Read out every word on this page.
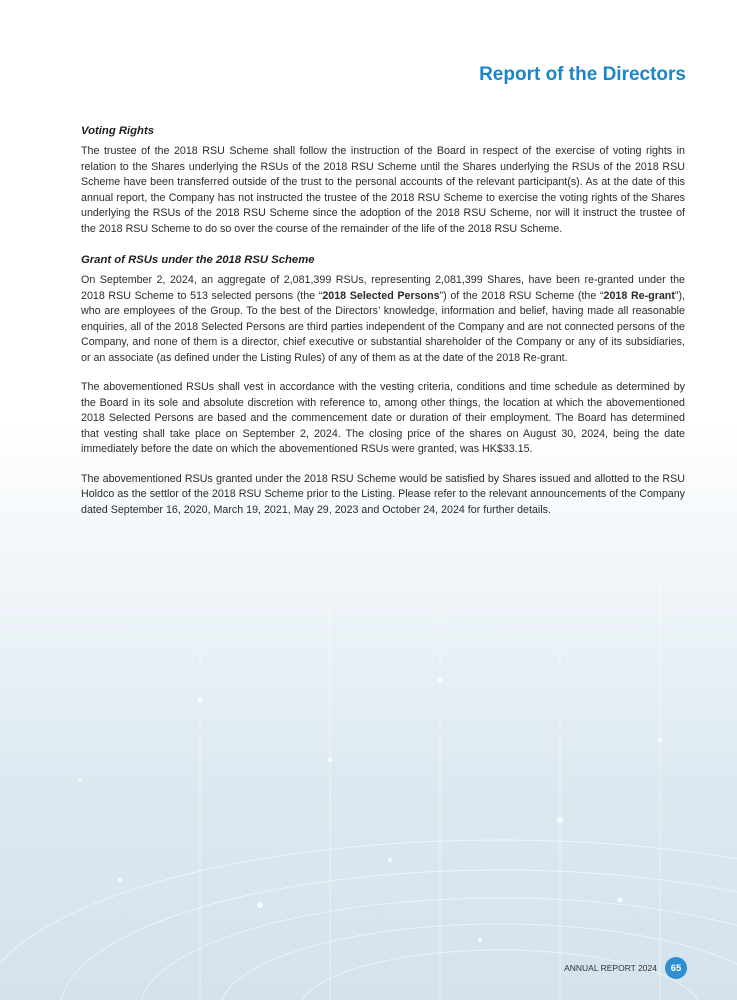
Report of the Directors
Voting Rights

The trustee of the 2018 RSU Scheme shall follow the instruction of the Board in respect of the exercise of voting rights in relation to the Shares underlying the RSUs of the 2018 RSU Scheme until the Shares underlying the RSUs of the 2018 RSU Scheme have been transferred outside of the trust to the personal accounts of the relevant participant(s). As at the date of this annual report, the Company has not instructed the trustee of the 2018 RSU Scheme to exercise the voting rights of the Shares underlying the RSUs of the 2018 RSU Scheme since the adoption of the 2018 RSU Scheme, nor will it instruct the trustee of the 2018 RSU Scheme to do so over the course of the remainder of the life of the 2018 RSU Scheme.

Grant of RSUs under the 2018 RSU Scheme

On September 2, 2024, an aggregate of 2,081,399 RSUs, representing 2,081,399 Shares, have been re-granted under the 2018 RSU Scheme to 513 selected persons (the “2018 Selected Persons”) of the 2018 RSU Scheme (the “2018 Re-grant”), who are employees of the Group. To the best of the Directors’ knowledge, information and belief, having made all reasonable enquiries, all of the 2018 Selected Persons are third parties independent of the Company and are not connected persons of the Company, and none of them is a director, chief executive or substantial shareholder of the Company or any of its subsidiaries, or an associate (as defined under the Listing Rules) of any of them as at the date of the 2018 Re-grant.

The abovementioned RSUs shall vest in accordance with the vesting criteria, conditions and time schedule as determined by the Board in its sole and absolute discretion with reference to, among other things, the location at which the abovementioned 2018 Selected Persons are based and the commencement date or duration of their employment. The Board has determined that vesting shall take place on September 2, 2024. The closing price of the shares on August 30, 2024, being the date immediately before the date on which the abovementioned RSUs were granted, was HK$33.15.

The abovementioned RSUs granted under the 2018 RSU Scheme would be satisfied by Shares issued and allotted to the RSU Holdco as the settlor of the 2018 RSU Scheme prior to the Listing. Please refer to the relevant announcements of the Company dated September 16, 2020, March 19, 2021, May 29, 2023 and October 24, 2024 for further details.

ANNUAL REPORT 2024	65
